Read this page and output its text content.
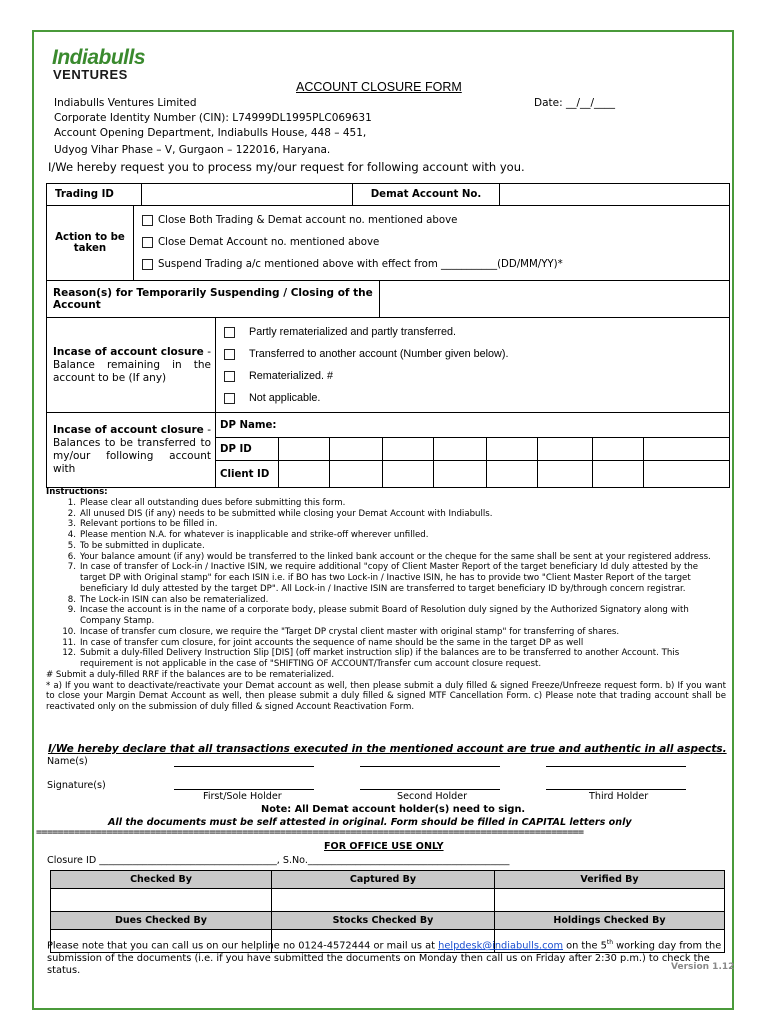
Indiabulls
VENTURES
ACCOUNT CLOSURE FORM
Indiabulls Ventures Limited
Corporate Identity Number (CIN): L74999DL1995PLC069631
Account Opening Department, Indiabulls House, 448 – 451,
Udyog Vihar Phase – V, Gurgaon – 122016, Haryana.
Date: __/__/____
I/We hereby request you to process my/our request for following account with you.
Trading ID		Demat Account No.	
Action to be taken	
Close Both Trading & Demat account no. mentioned above
Close Demat Account no. mentioned above
Suspend Trading a/c mentioned above with effect from ___________(DD/MM/YY)*
Reason(s) for Temporarily Suspending / Closing of the Account	
Incase of account closure -Balance remaining in the account to be (If any)	
Partly rematerialized and partly transferred.
Transferred to another account (Number given below).
Rematerialized. #
Not applicable.
Incase of account closure - Balances to be transferred to my/our following account with	DP Name:								
	DP ID								
	Client ID								
Instructions:
1. Please clear all outstanding dues before submitting this form.
2. All unused DIS (if any) needs to be submitted while closing your Demat Account with Indiabulls.
3. Relevant portions to be filled in.
4. Please mention N.A. for whatever is inapplicable and strike-off wherever unfilled.
5. To be submitted in duplicate.
6. Your balance amount (if any) would be transferred to the linked bank account or the cheque for the same shall be sent at your registered address.
7. In case of transfer of Lock-in / Inactive ISIN, we require additional "copy of Client Master Report of the target beneficiary Id duly attested by the target DP with Original stamp" for each ISIN i.e. if BO has two Lock-in / Inactive ISIN, he has to provide two "Client Master Report of the target beneficiary Id duly attested by the target DP". All Lock-in / Inactive ISIN are transferred to target beneficiary ID by/through concern registrar.
8. The Lock-in ISIN can also be rematerialized.
9. Incase the account is in the name of a corporate body, please submit Board of Resolution duly signed by the Authorized Signatory along with Company Stamp.
10. Incase of transfer cum closure, we require the "Target DP crystal client master with original stamp" for transferring of shares.
11. In case of transfer cum closure, for joint accounts the sequence of name should be the same in the target DP as well
12. Submit a duly-filled Delivery Instruction Slip [DIS] (off market instruction slip) if the balances are to be transferred to another Account. This requirement is not applicable in the case of "SHIFTING OF ACCOUNT/Transfer cum account closure request.
# Submit a duly-filled RRF if the balances are to be rematerialized.
* a) If you want to deactivate/reactivate your Demat account as well, then please submit a duly filled & signed Freeze/Unfreeze request form. b) If you want to close your Margin Demat Account as well, then please submit a duly filled & signed MTF Cancellation Form. c) Please note that trading account shall be reactivated only on the submission of duly filled & signed Account Reactivation Form.
I/We hereby declare that all transactions executed in the mentioned account are true and authentic in all aspects.
Name(s)
Signature(s)
First/Sole Holder	Second Holder	Third Holder
Note: All Demat account holder(s) need to sign.
All the documents must be self attested in original. Form should be filled in CAPITAL letters only
=====================================================================================================
FOR OFFICE USE ONLY
Closure ID _____________________________________, S.No.__________________________________________
Checked By	Captured By	Verified By

Dues Checked By	Stocks Checked By	Holdings Checked By

Please note that you can call us on our helpline no 0124-4572444 or mail us at helpdesk@indiabulls.com on the 5th working day from the submission of the documents (i.e. if you have submitted the documents on Monday then call us on Friday after 2:30 p.m.) to check the status.	Version 1.12
